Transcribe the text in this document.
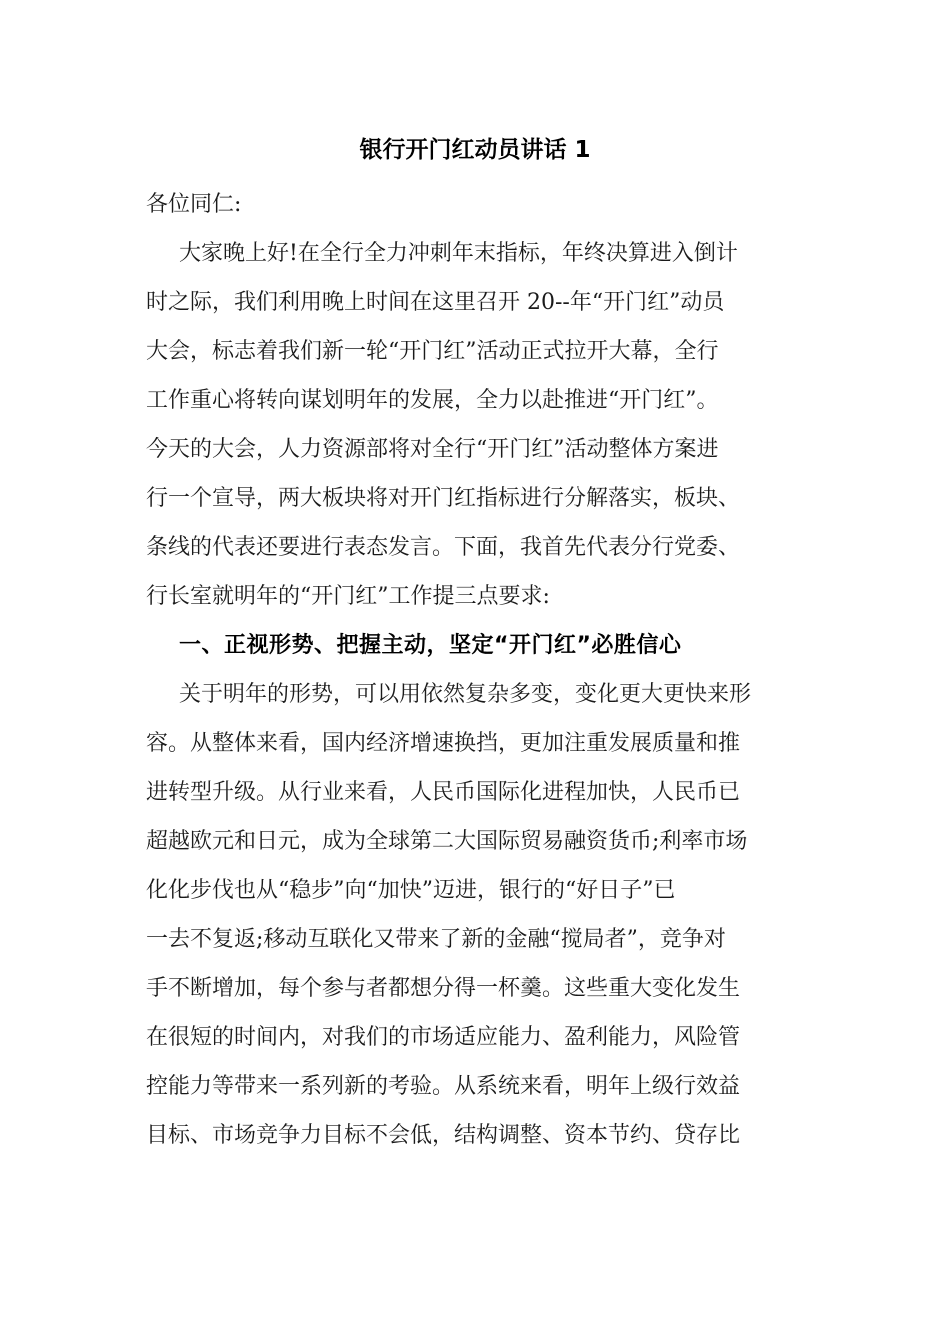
银行开门红动员讲话 1
各位同仁:
大家晚上好!在全行全力冲刺年末指标，年终决算进入倒计
时之际，我们利用晚上时间在这里召开 20--年“开门红”动员
大会，标志着我们新一轮“开门红”活动正式拉开大幕，全行
工作重心将转向谋划明年的发展，全力以赴推进“开门红”。
今天的大会，人力资源部将对全行“开门红”活动整体方案进
行一个宣导，两大板块将对开门红指标进行分解落实，板块、
条线的代表还要进行表态发言。下面，我首先代表分行党委、
行长室就明年的“开门红”工作提三点要求:
一、正视形势、把握主动，坚定“开门红”必胜信心
关于明年的形势，可以用依然复杂多变，变化更大更快来形
容。从整体来看，国内经济增速换挡，更加注重发展质量和推
进转型升级。从行业来看，人民币国际化进程加快，人民币已
超越欧元和日元，成为全球第二大国际贸易融资货币;利率市场
化化步伐也从“稳步”向“加快”迈进，银行的“好日子”已
一去不复返;移动互联化又带来了新的金融“搅局者”，竞争对
手不断增加，每个参与者都想分得一杯羹。这些重大变化发生
在很短的时间内，对我们的市场适应能力、盈利能力，风险管
控能力等带来一系列新的考验。从系统来看，明年上级行效益
目标、市场竞争力目标不会低，结构调整、资本节约、贷存比
